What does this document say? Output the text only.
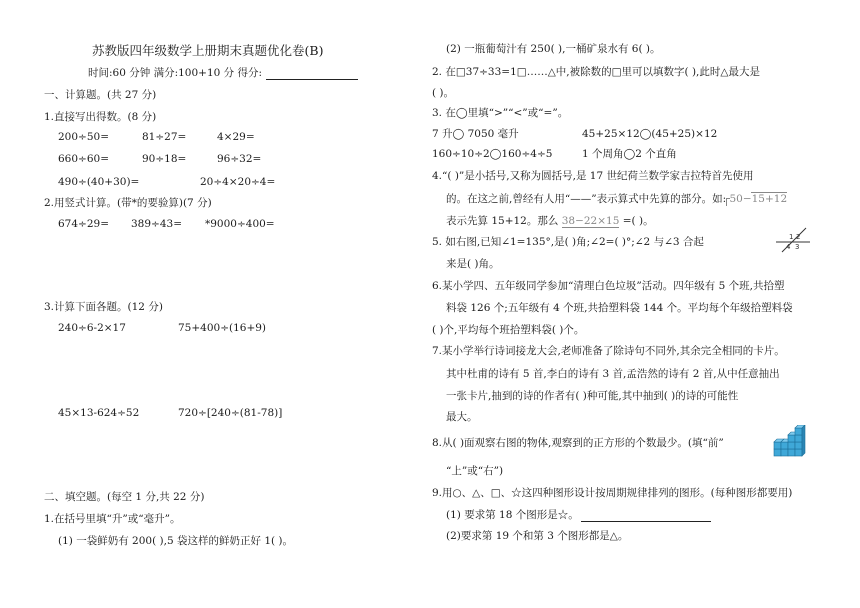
苏教版四年级数学上册期末真题优化卷(B)
时间:60 分钟 满分:100+10 分 得分:
一、计算题。(共 27 分)
1.直接写出得数。(8 分)
200÷50=	81÷27=	4×29=
660÷60=	90÷18=	96÷32=
490÷(40+30)=	20÷4×20÷4=
2.用竖式计算。(带*的要验算)(7 分)
674÷29= 389÷43= *9000÷400=
3.计算下面各题。(12 分)
240÷6-2×17	75+400÷(16+9)
45×13-624÷52	720÷[240÷(81-78)]
二、填空题。(每空 1 分,共 22 分)
1.在括号里填“升”或“毫升”。
(1) 一袋鲜奶有 200( ),5 袋这样的鲜奶正好 1( )。
(2) 一瓶葡萄汁有 250( ),一桶矿泉水有 6( )。
2. 在□37÷33=1□……△中,被除数的□里可以填数字( ),此时△最大是
( )。
3. 在◯里填“>”“<”或“=”。
7 升◯ 7050 毫升	45+25×12◯(45+25)×12
160÷10÷2◯160÷4÷5	1 个周角◯2 个直角
4.“( )”是小括号,又称为圆括号,是 17 世纪荷兰数学家吉拉特首先使用
的。在这之前,曾经有人用“——”表示算式中先算的部分。如: 50−15+12
表示先算 15+12。那么 38−22×15 =( )。
5. 如右图,已知∠1=135°,是( )角;∠2=( )°;∠2 与∠3 合起
来是( )角。
1 2
3
4
6.某小学四、五年级同学参加“清理白色垃圾”活动。四年级有 5 个班,共拾塑
料袋 126 个;五年级有 4 个班,共拾塑料袋 144 个。平均每个年级拾塑料袋
( )个,平均每个班拾塑料袋( )个。
7.某小学举行诗词接龙大会,老师准备了除诗句不同外,其余完全相同的卡片。
其中杜甫的诗有 5 首,李白的诗有 3 首,孟浩然的诗有 2 首,从中任意抽出
一张卡片,抽到的诗的作者有( )种可能,其中抽到( )的诗的可能性
最大。
8.从( )面观察右图的物体,观察到的正方形的个数最少。(填“前”
“上”或“右”)
9.用○、△、□、☆这四种图形设计按周期规律排列的图形。(每种图形都要用)
(1) 要求第 18 个图形是☆。
(2)要求第 19 个和第 3 个图形都是△。
